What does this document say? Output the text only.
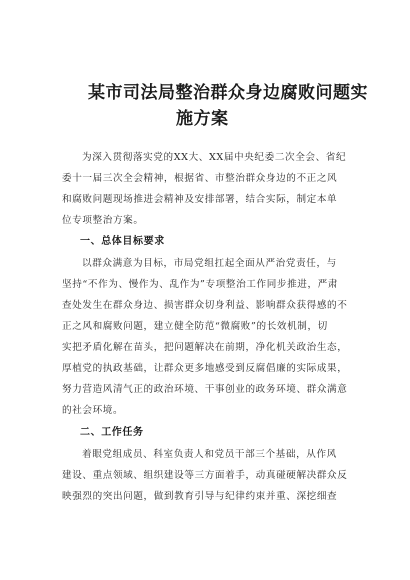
某市司法局整治群众身边腐败问题实
施方案
为深入贯彻落实党的XX大、XX届中央纪委二次全会、省纪
委十一届三次全会精神，根据省、市整治群众身边的不正之风
和腐败问题现场推进会精神及安排部署，结合实际，制定本单
位专项整治方案。
一、总体目标要求
以群众满意为目标，市局党组扛起全面从严治党责任，与
坚持“不作为、慢作为、乱作为”专项整治工作同步推进，严肃
查处发生在群众身边、损害群众切身利益、影响群众获得感的不
正之风和腐败问题，建立健全防范“微腐败”的长效机制，切
实把矛盾化解在苗头，把问题解决在前期，净化机关政治生态，
厚植党的执政基础，让群众更多地感受到反腐倡廉的实际成果，
努力营造风清气正的政治环境、干事创业的政务环境、群众满意
的社会环境。
二、工作任务
着眼党组成员、科室负责人和党员干部三个基础，从作风
建设、重点领域、组织建设等三方面着手，动真碰硬解决群众反
映强烈的突出问题，做到教育引导与纪律约束并重、深挖细查
